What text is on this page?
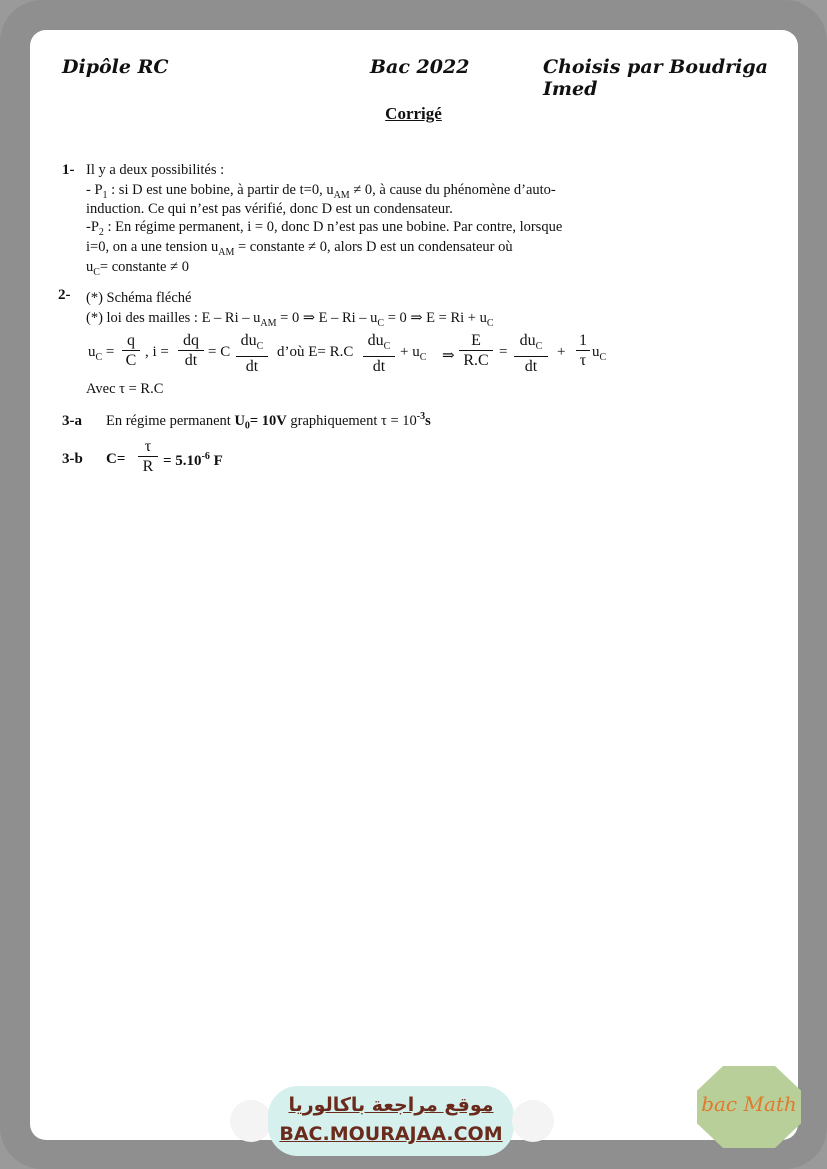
Dipôle RC	Bac 2022	Choisis par Boudriga Imed
Corrigé
1- Il y a deux possibilités :
- $P_1$ : si D est une bobine, à partir de t=0, $u_{AM} \ne 0$, à cause du phénomène d’auto-
induction. Ce qui n’est pas vérifié, donc D est un condensateur.
$-P_2$ : En régime permanent, i = 0, donc D n’est pas une bobine. Par contre, lorsque
i=0, on a une tension $u_{AM}$ = constante ≠ 0, alors D est un condensateur où
$u_C=$ constante ≠ 0
2- (*) Schéma fléché
(*) loi des mailles : $E - Ri - u_{AM} = 0$ ⇒ $E - Ri - u_C = 0$ ⇒ $E = Ri + u_C$
$u_C = \frac{q}{C}$ , $i = \frac{dq}{dt} = C$
$du_C$
dt
d’où E= R.C
$du_C$
dt
+ $u_C$ ⇒ $\frac{E}{R.C}$ =
$du_C$
dt
+ $\frac{1}{\tau} u_C$
Avec τ = R.C
3-a En régime permanent $U_0= 10V$ graphiquement $\tau = 10^{-3}s$
3-b $C= \frac{\tau}{R} = 5.10^{-6}$ F
موقع مراجعة باكالوريا
BAC.MOURAJAA.COM
bac Math
